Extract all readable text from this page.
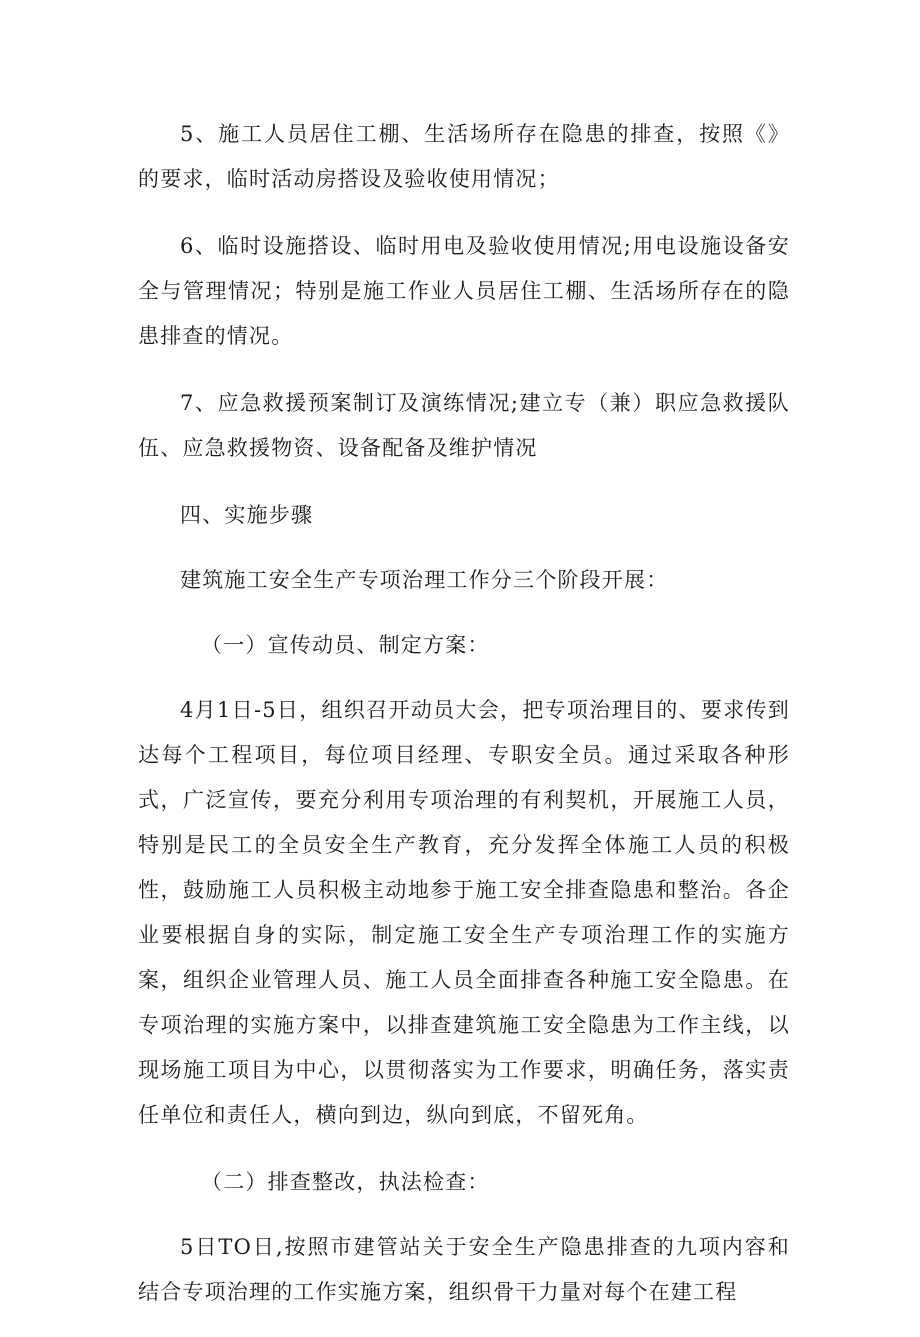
5、施工人员居住工棚、生活场所存在隐患的排查，按照《》的要求，临时活动房搭设及验收使用情况；

6、临时设施搭设、临时用电及验收使用情况;用电设施设备安全与管理情况；特别是施工作业人员居住工棚、生活场所存在的隐患排查的情况。

7、应急救援预案制订及演练情况;建立专（兼）职应急救援队伍、应急救援物资、设备配备及维护情况

四、实施步骤

建筑施工安全生产专项治理工作分三个阶段开展：

（一）宣传动员、制定方案：

4月1日-5日，组织召开动员大会，把专项治理目的、要求传到达每个工程项目，每位项目经理、专职安全员。通过采取各种形式，广泛宣传，要充分利用专项治理的有利契机，开展施工人员，特别是民工的全员安全生产教育，充分发挥全体施工人员的积极性，鼓励施工人员积极主动地参于施工安全排查隐患和整治。各企业要根据自身的实际，制定施工安全生产专项治理工作的实施方案，组织企业管理人员、施工人员全面排查各种施工安全隐患。在专项治理的实施方案中，以排查建筑施工安全隐患为工作主线，以现场施工项目为中心，以贯彻落实为工作要求，明确任务，落实责任单位和责任人，横向到边，纵向到底，不留死角。

（二）排查整改，执法检查：

5日TO日,按照市建管站关于安全生产隐患排查的九项内容和结合专项治理的工作实施方案，组织骨干力量对每个在建工程
